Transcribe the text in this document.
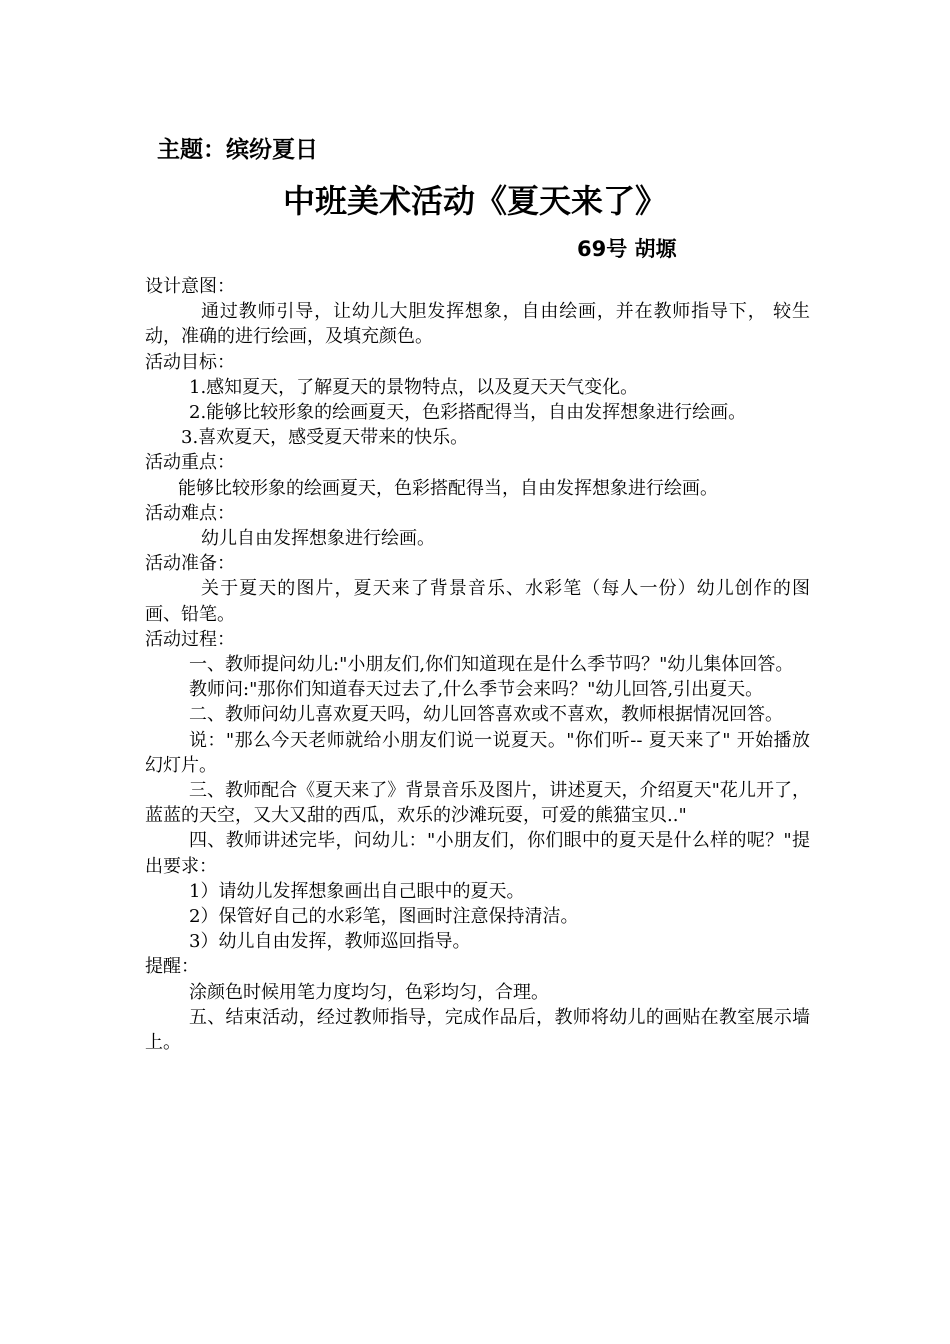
主题：缤纷夏日

中班美术活动《夏天来了》

69号 胡塬

设计意图：

通过教师引导，让幼儿大胆发挥想象，自由绘画，并在教师指导下， 较生动，准确的进行绘画，及填充颜色。

活动目标：

1.感知夏天，了解夏天的景物特点，以及夏天天气变化。

2.能够比较形象的绘画夏天，色彩搭配得当，自由发挥想象进行绘画。

3.喜欢夏天，感受夏天带来的快乐。

活动重点：

能够比较形象的绘画夏天，色彩搭配得当，自由发挥想象进行绘画。

活动难点：

幼儿自由发挥想象进行绘画。

活动准备：

关于夏天的图片，夏天来了背景音乐、水彩笔（每人一份）幼儿创作的图画、铅笔。

活动过程：

一、教师提问幼儿:"小朋友们,你们知道现在是什么季节吗？"幼儿集体回答。

教师问:"那你们知道春天过去了,什么季节会来吗？"幼儿回答,引出夏天。

二、教师问幼儿喜欢夏天吗，幼儿回答喜欢或不喜欢，教师根据情况回答。

说："那么今天老师就给小朋友们说一说夏天。"你们听-- 夏天来了" 开始播放幻灯片。

三、教师配合《夏天来了》背景音乐及图片，讲述夏天，介绍夏天"花儿开了，蓝蓝的天空，又大又甜的西瓜，欢乐的沙滩玩耍，可爱的熊猫宝贝.."

四、教师讲述完毕，问幼儿："小朋友们，你们眼中的夏天是什么样的呢？"提出要求：

1）请幼儿发挥想象画出自己眼中的夏天。

2）保管好自己的水彩笔，图画时注意保持清洁。

3）幼儿自由发挥，教师巡回指导。

提醒：

涂颜色时候用笔力度均匀，色彩均匀，合理。

五、结束活动，经过教师指导，完成作品后，教师将幼儿的画贴在教室展示墙上。
